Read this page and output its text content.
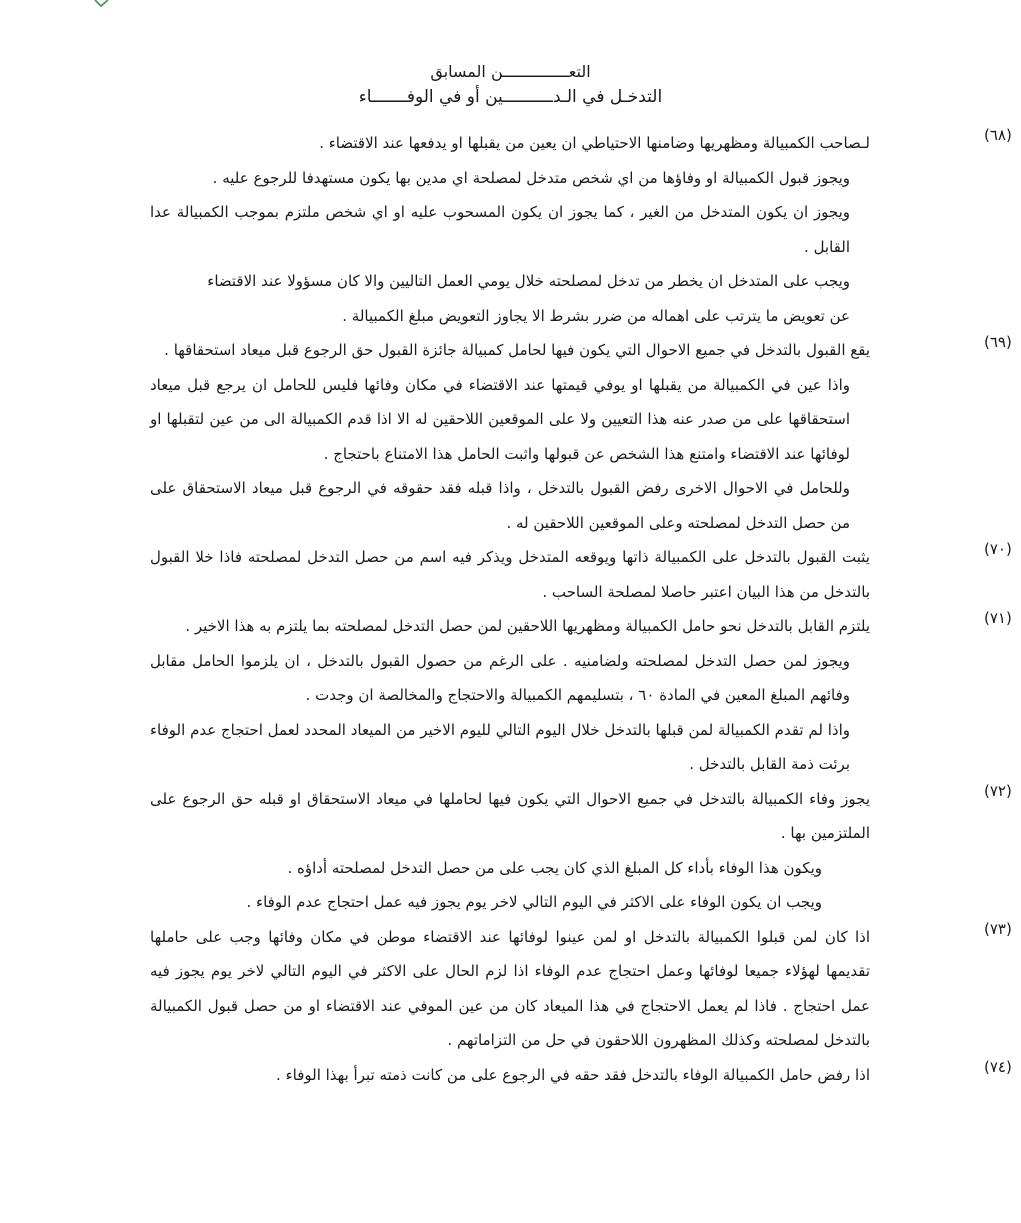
التعــــــــــــــن المسابق
التدخـل في الـدــــــــــين أو في الوفـــــــاء
(٦٨)

لـصاحب الكمبيالة ومظهريها وضامنها الاحتياطي ان يعين من يقبلها او يدفعها عند الاقتضاء .

ويجوز قبول الكمبيالة او وفاؤها من اي شخص متدخل لمصلحة اي مدين بها يكون مستهدفا للرجوع عليه .

ويجوز ان يكون المتدخل من الغير ، كما يجوز ان يكون المسحوب عليه او اي شخص ملتزم بموجب الكمبيالة عدا القابل .

ويجب على المتدخل ان يخطر من تدخل لمصلحته خلال يومي العمل التاليين والا كان مسؤولا عند الاقتضاء

عن تعويض ما يترتب على اهماله من ضرر بشرط الا يجاوز التعويض مبلغ الكمبيالة .

(٦٩)

يقع القبول بالتدخل في جميع الاحوال التي يكون فيها لحامل كمبيالة جائزة القبول حق الرجوع قبل ميعاد استحقاقها .

واذا عين في الكمبيالة من يقبلها او يوفي قيمتها عند الاقتضاء في مكان وفائها فليس للحامل ان يرجع قبل ميعاد استحقاقها على من صدر عنه هذا التعيين ولا على الموقعين اللاحقين له الا اذا قدم الكمبيالة الى من عين لتقبلها او لوفائها عند الاقتضاء وامتنع هذا الشخص عن قبولها واثبت الحامل هذا الامتناع باحتجاج .

وللحامل في الاحوال الاخرى رفض القبول بالتدخل ، واذا قبله فقد حقوقه في الرجوع قبل ميعاد الاستحقاق على من حصل التدخل لمصلحته وعلى الموقعين اللاحقين له .

(٧٠)

يثبت القبول بالتدخل على الكمبيالة ذاتها ويوقعه المتدخل ويذكر فيه اسم من حصل التدخل لمصلحته فاذا خلا القبول بالتدخل من هذا البيان اعتبر حاصلا لمصلحة الساحب .

(٧١)

يلتزم القابل بالتدخل نحو حامل الكمبيالة ومظهريها اللاحقين لمن حصل التدخل لمصلحته بما يلتزم به هذا الاخير .

ويجوز لمن حصل التدخل لمصلحته ولضامنيه . على الرغم من حصول القبول بالتدخل ، ان يلزموا الحامل مقابل وفائهم المبلغ المعين في المادة ٦٠ ، بتسليمهم الكمبيالة والاحتجاج والمخالصة ان وجدت .

واذا لم تقدم الكمبيالة لمن قبلها بالتدخل خلال اليوم التالي لليوم الاخير من الميعاد المحدد لعمل احتجاج عدم الوفاء برئت ذمة القابل بالتدخل .

(٧٢)

يجوز وفاء الكمبيالة بالتدخل في جميع الاحوال التي يكون فيها لحاملها في ميعاد الاستحقاق او قبله حق الرجوع على الملتزمين بها .

ويكون هذا الوفاء بأداء كل المبلغ الذي كان يجب على من حصل التدخل لمصلحته أداؤه .

ويجب ان يكون الوفاء على الاكثر في اليوم التالي لاخر يوم يجوز فيه عمل احتجاج عدم الوفاء .

(٧٣)

اذا كان لمن قبلوا الكمبيالة بالتدخل او لمن عينوا لوفائها عند الاقتضاء موطن في مكان وفائها وجب على حاملها تقديمها لهؤلاء جميعا لوفائها وعمل احتجاج عدم الوفاء اذا لزم الحال على الاكثر في اليوم التالي لاخر يوم يجوز فيه عمل احتجاج . فاذا لم يعمل الاحتجاج في هذا الميعاد كان من عين الموفي عند الاقتضاء او من حصل قبول الكمبيالة بالتدخل لمصلحته وكذلك المظهرون اللاحقون في حل من التزاماتهم .

(٧٤)

اذا رفض حامل الكمبيالة الوفاء بالتدخل فقد حقه في الرجوع على من كانت ذمته تبرأ بهذا الوفاء .
